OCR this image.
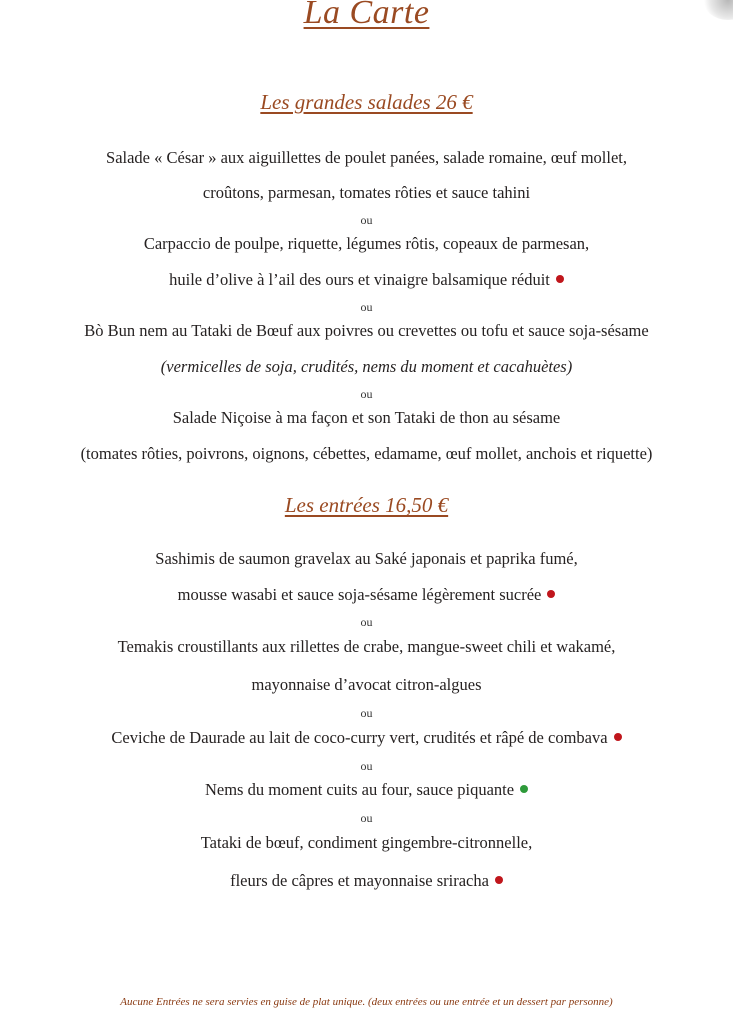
La Carte
Les grandes salades 26 €
Salade « César » aux aiguillettes de poulet panées, salade romaine, œuf mollet,
croûtons, parmesan, tomates rôties et sauce tahini
ou
Carpaccio de poulpe, riquette, légumes rôtis, copeaux de parmesan,
huile d’olive à l’ail des ours et vinaigre balsamique réduit
ou
Bò Bun nem au Tataki de Bœuf aux poivres ou crevettes ou tofu et sauce soja-sésame
(vermicelles de soja, crudités, nems du moment et cacahuètes)
ou
Salade Niçoise à ma façon et son Tataki de thon au sésame
(tomates rôties, poivrons, oignons, cébettes, edamame, œuf mollet, anchois et riquette)
Les entrées 16,50 €
Sashimis de saumon gravelax au Saké japonais et paprika fumé,
mousse wasabi et sauce soja-sésame légèrement sucrée
ou
Temakis croustillants aux rillettes de crabe, mangue-sweet chili et wakamé,
mayonnaise d’avocat citron-algues
ou
Ceviche de Daurade au lait de coco-curry vert, crudités et râpé de combava
ou
Nems du moment cuits au four, sauce piquante
ou
Tataki de bœuf, condiment gingembre-citronnelle,
fleurs de câpres et mayonnaise sriracha
Aucune Entrées ne sera servies en guise de plat unique. (deux entrées ou une entrée et un dessert par personne)
